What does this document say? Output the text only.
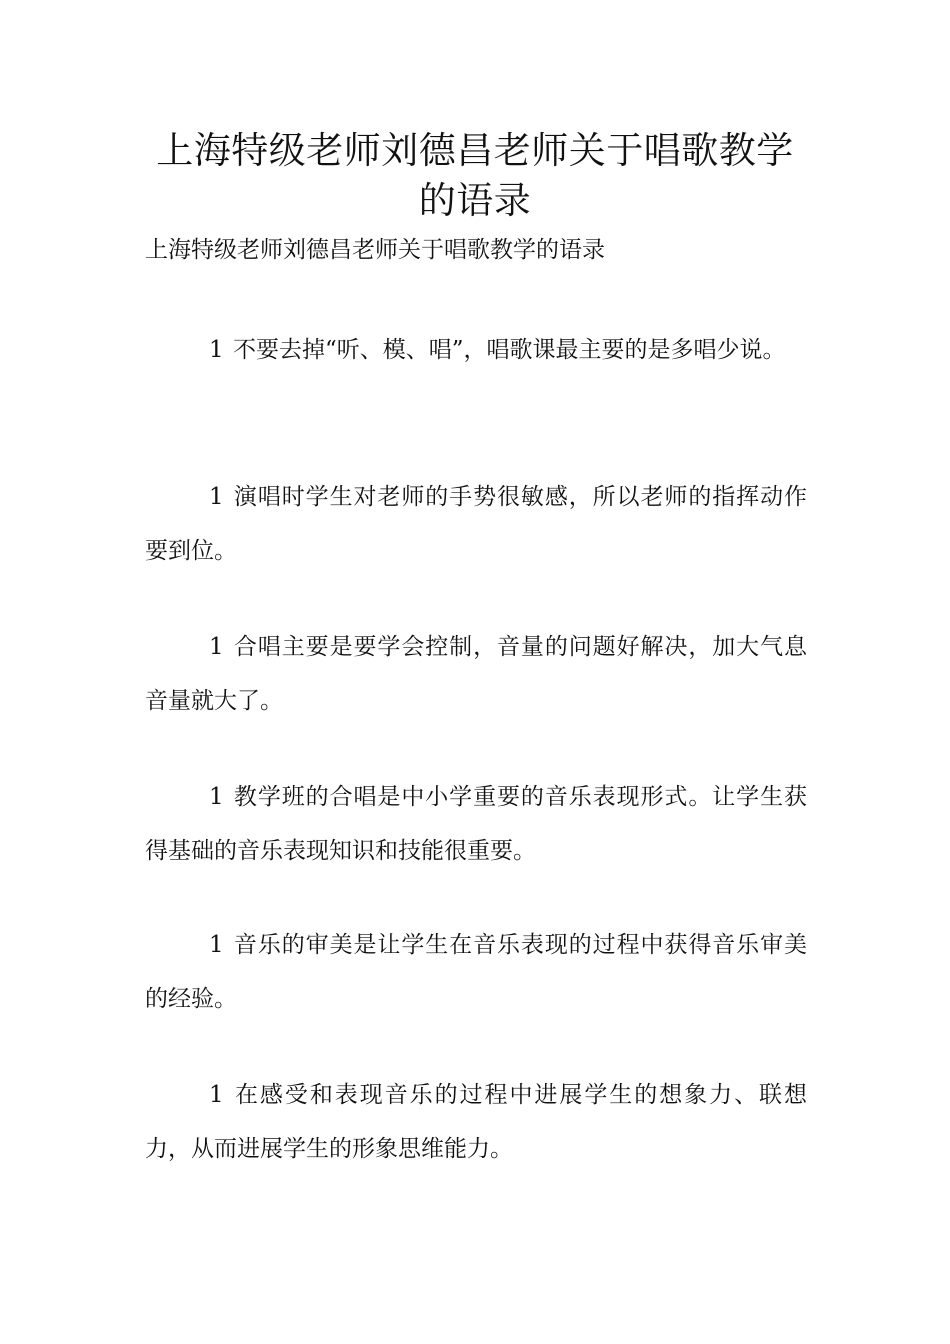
上海特级老师刘德昌老师关于唱歌教学的语录

上海特级老师刘德昌老师关于唱歌教学的语录

1 不要去掉“听、模、唱”，唱歌课最主要的是多唱少说。

1 演唱时学生对老师的手势很敏感，所以老师的指挥动作要到位。

1 合唱主要是要学会控制，音量的问题好解决，加大气息音量就大了。

1 教学班的合唱是中小学重要的音乐表现形式。让学生获得基础的音乐表现知识和技能很重要。

1 音乐的审美是让学生在音乐表现的过程中获得音乐审美的经验。

1 在感受和表现音乐的过程中进展学生的想象力、联想力，从而进展学生的形象思维能力。
